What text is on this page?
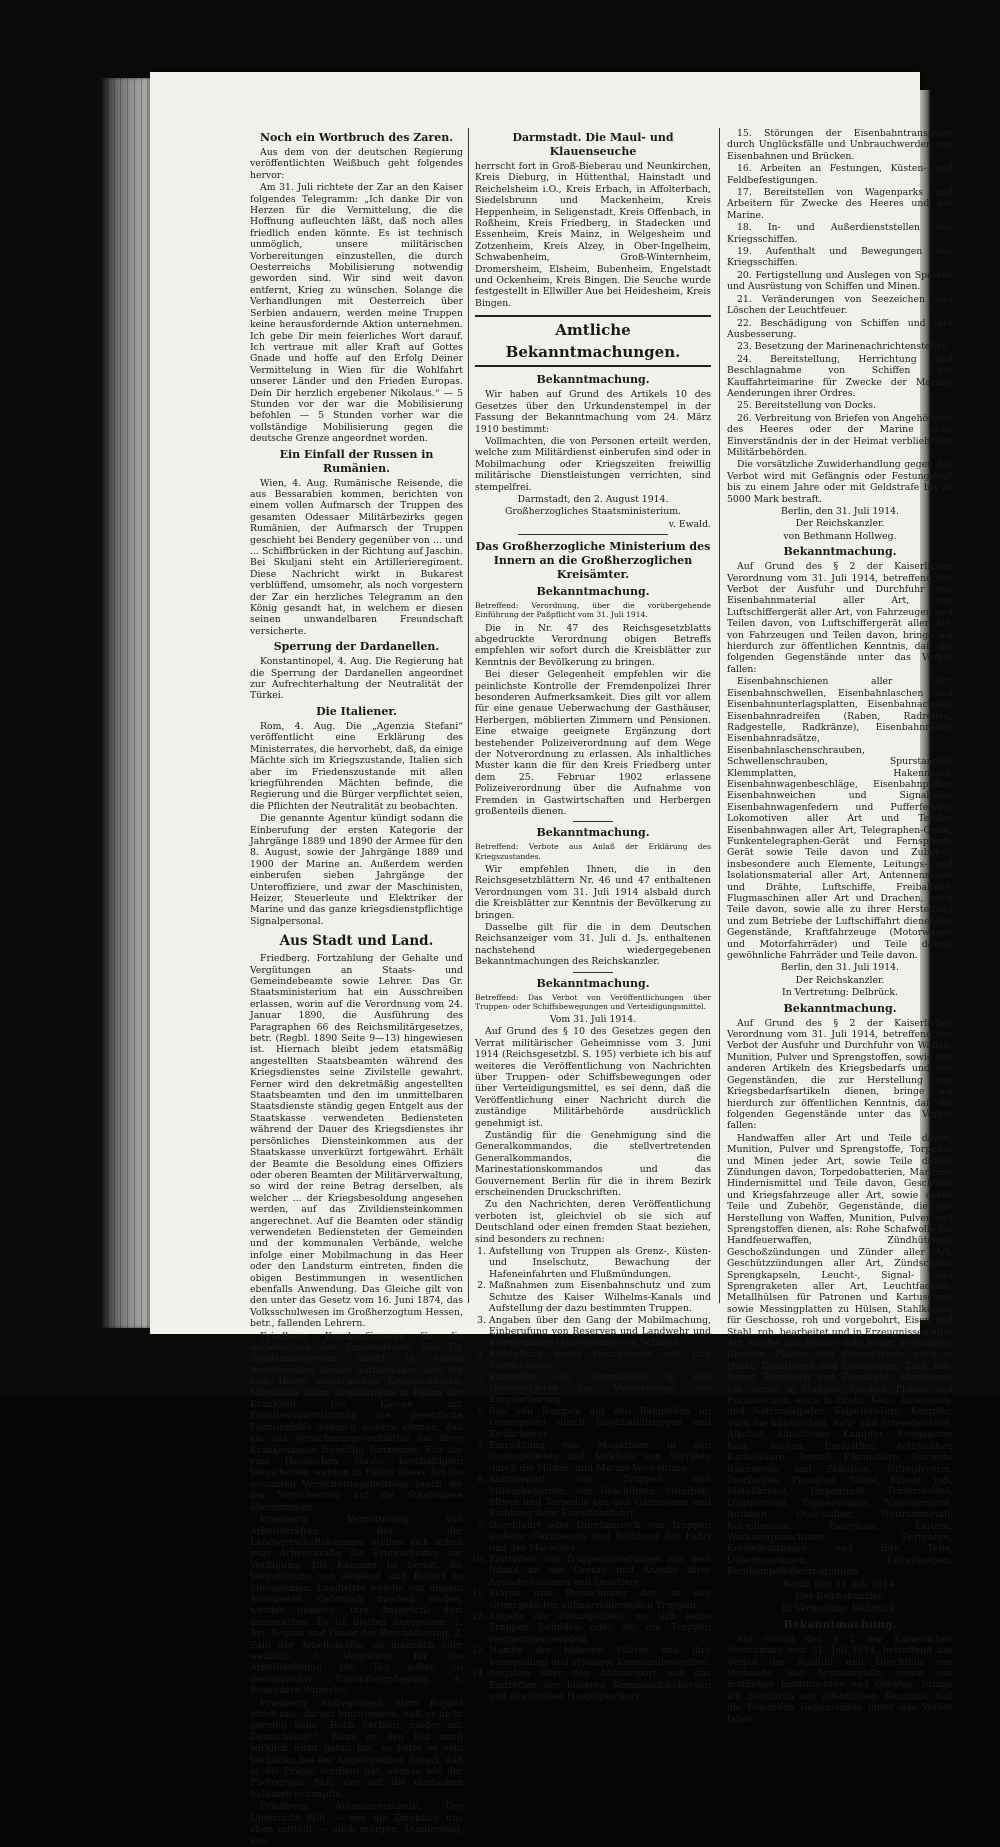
Noch ein Wortbruch des Zaren.

Aus dem von der deutschen Regierung veröffentlichten Weißbuch geht folgendes hervor:

Am 31. Juli richtete der Zar an den Kaiser folgendes Telegramm: „Ich danke Dir von Herzen für die Vermittelung, die die Hoffnung aufleuchten läßt, daß noch alles friedlich enden könnte. Es ist technisch unmöglich, unsere militärischen Vorbereitungen einzustellen, die durch Oesterreichs Mobilisierung notwendig geworden sind. Wir sind weit davon entfernt, Krieg zu wünschen. Solange die Verhandlungen mit Oesterreich über Serbien andauern, werden meine Truppen keine herausfordernde Aktion unternehmen. Ich gebe Dir mein feierliches Wort darauf. Ich vertraue mit aller Kraft auf Gottes Gnade und hoffe auf den Erfolg Deiner Vermittelung in Wien für die Wohlfahrt unserer Länder und den Frieden Europas. Dein Dir herzlich ergebener Nikolaus.“ — 5 Stunden vor der war die Mobilisierung befohlen — 5 Stunden vorher war die vollständige Mobilisierung gegen die deutsche Grenze angeordnet worden.

Ein Einfall der Russen in Rumänien.

Wien, 4. Aug. Rumänische Reisende, die aus Bessarabien kommen, berichten von einem vollen Aufmarsch der Truppen des gesamten Odessaer Militärbezirks gegen Rumänien, der Aufmarsch der Truppen geschieht bei Bendery gegenüber von ... und ... Schiffbrücken in der Richtung auf Jaschin. Bei Skuljani steht ein Artillerieregiment. Diese Nachricht wirkt in Bukarest verblüffend, umsomehr, als noch vorgestern der Zar ein herzliches Telegramm an den König gesandt hat, in welchem er diesen seinen unwandelbaren Freundschaft versicherte.

Sperrung der Dardanellen.

Konstantinopel, 4. Aug. Die Regierung hat die Sperrung der Dardanellen angeordnet zur Aufrechterhaltung der Neutralität der Türkei.

Die Italiener.

Rom, 4. Aug. Die „Agenzia Stefani“ veröffentlicht eine Erklärung des Ministerrates, die hervorhebt, daß, da einige Mächte sich im Kriegszustande, Italien sich aber im Friedenszustande mit allen kriegführenden Mächten befinde, die Regierung und die Bürger verpflichtet seien, die Pflichten der Neutralität zu beobachten.

Die genannte Agentur kündigt sodann die Einberufung der ersten Kategorie der Jahrgänge 1889 und 1890 der Armee für den 8. August, sowie der Jahrgänge 1889 und 1900 der Marine an. Außerdem werden einberufen sieben Jahrgänge der Unteroffiziere, und zwar der Maschinisten, Heizer, Steuerleute und Elektriker der Marine und das ganze kriegsdienstpflichtige Signalpersonal.

Aus Stadt und Land.

Friedberg. Fortzahlung der Gehalte und Vergütungen an Staats- und Gemeindebeamte sowie Lehrer. Das Gr. Staatsministerium hat ein Ausschreiben erlassen, worin auf die Verordnung vom 24. Januar 1890, die Ausführung des Paragraphen 66 des Reichsmilitärgesetzes, betr. (Regbl. 1890 Seite 9—13) hingewiesen ist. Hiernach bleibt jedem etatsmäßig angestellten Staatsbeamten während des Kriegsdienstes seine Zivilstelle gewahrt. Ferner wird den dekretmäßig angestellten Staatsbeamten und den im unmittelbaren Staatsdienste ständig gegen Entgelt aus der Staatskasse verwendeten Bediensteten während der Dauer des Kriegsdienstes ihr persönliches Diensteinkommen aus der Staatskasse unverkürzt fortgewährt. Erhält der Beamte die Besoldung eines Offiziers oder oberen Beamten der Militärverwaltung, so wird der reine Betrag derselben, als welcher ... der Kriegsbesoldung angesehen werden, auf das Zivildiensteinkommen angerechnet. Auf die Beamten oder ständig verwendeten Bediensteten der Gemeinden und der kommunalen Verbände, welche infolge einer Mobilmachung in das Heer oder den Landsturm eintreten, finden die obigen Bestimmungen in wesentlichen ebenfalls Anwendung. Das Gleiche gilt von den unter das Gesetz vom 16. Juni 1874, das Volksschulwesen im Großherzogtum Hessen, betr., fallenden Lehrern.

Friedberg. Krankenfürsorge für die Angehörigen der Einberufenen. Das Gr. Staatsministerium macht in einem Ausschreiben darauf aufmerksam, daß die zum Heere einberufenen Krankenkassen-Mitglieder ihren Angehörigen in Fällen der Krankheit bei Kassen mit Familienunterstützung die gesetzliche Familienhilfe dadurch sichern können, daß sie das Versicherungsverhältnis bei ihrer Krankenkasse freiwillig fortsetzen. Für die vom Hessischen Staate beschäftigten Versicherten werden in Fällen dieser Art die gesamten Versicherungsbeiträge (auch die der Versicherten) auf die Staatskasse übernommen.

Friedberg. Vermittelung von Arbeitskräften. Bei der Landwirtschaftskammer stellen sich schon jetzt Arbeitskräfte für Erntearbeiten zur Verfügung. Die Kammer ist bereit, die Vermittelung von Angebot und Bedarf zu übernehmen. Landwirte welche von diesem Anerbieten Gebrauch machen wollen, werden gebeten, ihre Ansprüche dort anzumelden. Es ist hierbei anzugeben: 1. Art, Beginn und Dauer der Beschäftigung, 2. Zahl der Arbeitskräfte, ob männlich oder weiblich, 3. Vergütung für die Arbeitsleistung pro Tag außer zu gewährender Naturalverpflegung, 4. Besondere Wünsche.

Friedberg. Aufregungen. Herr Ruppel bittet uns, darauf hinzuweisen, daß er nicht gerufen habe „Hoch Serbien, nieder mit Deutschland!“. Wenn er den Ruf auch wirklich nicht getan hat, so hätte er sein Verhalten bei der Angelegenheit derart, daß er die Prügel verdient hat, ebenso wie der Photograph Süß, der auf die deutschen Soldaten schimpfte.

Friedberg. Augustinerschule. Der Unterricht fällt — wie die Direktion uns eben mitteilt — auch morgen, Donnerstag, aus.

Darmstadt. Die Maul- und Klauenseuche

herrscht fort in Groß-Bieberau und Neunkirchen, Kreis Dieburg, in Hüttenthal, Hainstadt und Reichelsheim i.O., Kreis Erbach, in Affolterbach, Siedelsbrunn und Mackenheim, Kreis Heppenheim, in Seligenstadt, Kreis Offenbach, in Roßheim, Kreis Friedberg, in Stadecken und Essenheim, Kreis Mainz, in Welgesheim und Zotzenheim, Kreis Alzey, in Ober-Ingelheim, Schwabenheim, Groß-Winternheim, Dromersheim, Elsheim, Bubenheim, Engelstadt und Ockenheim, Kreis Bingen. Die Seuche wurde festgestellt in Ellwiller Aue bei Heidesheim, Kreis Bingen.

Amtliche Bekanntmachungen.
Bekanntmachung.

Wir haben auf Grund des Artikels 10 des Gesetzes über den Urkundenstempel in der Fassung der Bekanntmachung vom 24. März 1910 bestimmt:

Vollmachten, die von Personen erteilt werden, welche zum Militärdienst einberufen sind oder in Mobilmachung oder Kriegszeiten freiwillig militärische Dienstleistungen verrichten, sind stempelfrei.

Darmstadt, den 2. August 1914.

Großherzogliches Staatsministerium.

v. Ewald.

Das Großherzogliche Ministerium des Innern an die Großherzoglichen Kreisämter.
Bekanntmachung.

Betreffend: Verordnung, über die vorübergehende Einführung der Paßpflicht vom 31. Juli 1914.

Die in Nr. 47 des Reichsgesetzblatts abgedruckte Verordnung obigen Betreffs empfehlen wir sofort durch die Kreisblätter zur Kenntnis der Bevölkerung zu bringen.

Bei dieser Gelegenheit empfehlen wir die peinlichste Kontrolle der Fremdenpolizei Ihrer besonderen Aufmerksamkeit. Dies gilt vor allem für eine genaue Ueberwachung der Gasthäuser, Herbergen, möblierten Zimmern und Pensionen. Eine etwaige geeignete Ergänzung dort bestehender Polizeiverordnung auf dem Wege der Notverordnung zu erlassen. Als inhaltliches Muster kann die für den Kreis Friedberg unter dem 25. Februar 1902 erlassene Polizeiverordnung über die Aufnahme von Fremden in Gastwirtschaften und Herbergen großenteils dienen.

Bekanntmachung.

Betreffend: Verbote aus Anlaß der Erklärung des Kriegszustandes.

Wir empfehlen Ihnen, die in den Reichsgesetzblättern Nr. 46 und 47 enthaltenen Verordnungen vom 31. Juli 1914 alsbald durch die Kreisblätter zur Kenntnis der Bevölkerung zu bringen.

Dasselbe gilt für die in dem Deutschen Reichsanzeiger vom 31. Juli d. Js. enthaltenen nachstehend wiedergegebenen Bekanntmachungen des Reichskanzler.

Bekanntmachung.

Betreffend: Das Verbot von Veröffentlichungen über Truppen- oder Schiffsbewegungen und Verteidigungsmittel.

Vom 31. Juli 1914.

Auf Grund des § 10 des Gesetzes gegen den Verrat militärischer Geheimnisse vom 3. Juni 1914 (Reichsgesetzbl. S. 195) verbiete ich bis auf weiteres die Veröffentlichung von Nachrichten über Truppen- oder Schiffsbewegungen oder über Verteidigungsmittel, es sei denn, daß die Veröffentlichung einer Nachricht durch die zuständige Militärbehörde ausdrücklich genehmigt ist.

Zuständig für die Genehmigung sind die Generalkommandos, die stellvertretenden Generalkommandos, die Marinestationskommandos und das Gouvernement Berlin für die in ihrem Bezirk erscheinenden Druckschriften.

Zu den Nachrichten, deren Veröffentlichung verboten ist, gleichviel ob sie sich auf Deutschland oder einen fremden Staat beziehen, sind besonders zu rechnen:

1. Aufstellung von Truppen als Grenz-, Küsten- und Inselschutz, Bewachung der Hafeneinfahrten und Flußmündungen.
2. Maßnahmen zum Eisenbahnschutz und zum Schutze des Kaiser Wilhelms-Kanals und Aufstellung der dazu bestimmten Truppen.
3. Angaben über den Gang der Mobilmachung, Einberufung von Reserven und Landwehr und Kriegsmarine (Ausrüstung) von Schiffen.
4. Aufstellung neuer Formationen und ihre Bezeichnung.
5. Eintreffen von Kommandos in den Grenzgebieten zur Vorbereitung der Einquartierung.
6. Bau von Rampen auf den Bahnhöfen im Grenzgebiet durch Eisenbahntruppen und Zivilarbeiter.
7. Einrichtung von Magazinen in den Grenzgebieten und Aufkäufe von Vorräten durch die Militär- und Marine-Verwaltung.
8. Abtransport von Truppen und Militärbehörden, von Geschützen, Munition, Minen und Torpedos aus den Garnisonen und Richtung ihrer Eisenbahnfahrt.
9. Durchfahrt oder Durchmarsch von Truppen anderer Garnisonen und Richtung der Fahrt und des Marsches.
10. Eintreffen von Truppenabteilungen aus dem Inland an der Grenze und Angabe ihrer Ausladestationen und Quartiere.
11. Stärke und Bezeichnung der in den Grenzgebieten aufmarschierenden Truppen.
12. Angabe der Grenzgebiete, wo sich keine Truppen befinden oder wo die Truppen weggezogen werden.
13. Namen der höheren Führer und ihre Verwendung und etwaiger Kommandowechsel.
14. Angaben über den Abtransport und das Eintreffen der höheren Kommandobehörden und des Großen Hauptquartiers.

15. Störungen der Eisenbahntransporte durch Unglücksfälle und Unbrauchwerden von Eisenbahnen und Brücken.

16. Arbeiten an Festungen, Küsten- und Feldbefestigungen.

17. Bereitstellen von Wagenparks und Arbeitern für Zwecke des Heeres und der Marine.

18. In- und Außerdienststellen von Kriegsschiffen.

19. Aufenthalt und Bewegungen von Kriegsschiffen.

20. Fertigstellung und Auslegen von Sperren und Ausrüstung von Schiffen und Minen.

21. Veränderungen von Seezeichen und Löschen der Leuchtfeuer.

22. Beschädigung von Schiffen und ihre Ausbesserung.

23. Besetzung der Marinenachrichtenstellen.

24. Bereitstellung, Herrichtung und Beschlagnahme von Schiffen der Kauffahrteimarine für Zwecke der Marine; Aenderungen ihrer Ordres.

25. Bereitstellung von Docks.

26. Verbreitung von Briefen von Angehörigen des Heeres oder der Marine ohne Einverständnis der in der Heimat verbliebenen Militärbehörden.

Die vorsätzliche Zuwiderhandlung gegen das Verbot wird mit Gefängnis oder Festungshaft bis zu einem Jahre oder mit Geldstrafe bis zu 5000 Mark bestraft.

Berlin, den 31. Juli 1914.

Der Reichskanzler.

von Bethmann Hollweg.

Bekanntmachung.

Auf Grund des § 2 der Kaiserlichen Verordnung vom 31. Juli 1914, betreffend das Verbot der Ausfuhr und Durchfuhr von Eisenbahnmaterial aller Art, von Luftschiffergerät aller Art, von Fahrzeugen und Teilen davon, von Luftschiffergerät aller Art, von Fahrzeugen und Teilen davon, bringe ich hierdurch zur öffentlichen Kenntnis, daß die folgenden Gegenstände unter das Verbot fallen:

Eisenbahnschienen aller Art, Eisenbahnschwellen, Eisenbahnlaschen und Eisenbahnunterlagsplatten, Eisenbahnachsen, Eisenbahnradreifen (Raben, Radreifen, Radgestelle, Radkränze), Eisenbahnräder, Eisenbahnradsätze, Eisenbahnlaschenschrauben, Schwellenschrauben, Spurstangen, Klemmplatten, Hakennägel, Eisenbahnwagenbeschläge, Eisenbahnpuffer, Eisenbahnweichen und Signalteile, Eisenbahnwagenfedern und Pufferfedern, Lokomotiven aller Art und Tender, Eisenbahnwagen aller Art, Telegraphen-Gerät, Funkentelegraphen-Gerät und Fernsprech-Gerät sowie Teile davon und Zubehör, insbesondere auch Elemente, Leitungs- und Isolationsmaterial aller Art, Antennenmaste und Drähte, Luftschiffe, Freiballone, Flugmaschinen aller Art und Drachen, auch Teile davon, sowie alle zu ihrer Herstellung und zum Betriebe der Luftschiffahrt dienenden Gegenstände, Kraftfahrzeuge (Motorwagen und Motorfahrräder) und Teile davon, gewöhnliche Fahrräder und Teile davon.

Berlin, den 31. Juli 1914.

Der Reichskanzler.

In Vertretung: Delbrück.

Bekanntmachung.

Auf Grund des § 2 der Kaiserlichen Verordnung vom 31. Juli 1914, betreffend das Verbot der Ausfuhr und Durchfuhr von Waffen, Munition, Pulver und Sprengstoffen, sowie von anderen Artikeln des Kriegsbedarfs und von Gegenständen, die zur Herstellung von Kriegsbedarfsartikeln dienen, bringe ich hierdurch zur öffentlichen Kenntnis, daß die folgenden Gegenstände unter das Verbot fallen:

Handwaffen aller Art und Teile davon, Munition, Pulver und Sprengstoffe, Torpedos und Minen jeder Art, sowie Teile davon, Zündungen davon, Torpedobatterien, Maritime Hindernismittel und Teile davon, Geschütze und Kriegsfahrzeuge aller Art, sowie deren Teile und Zubehör, Gegenstände, die zur Herstellung von Waffen, Munition, Pulver und Sprengstoffen dienen, als: Rohe Schafwolle für Handfeuerwaffen, Zündhütchen, Geschoßzündungen und Zünder aller Art, Geschützzündungen aller Art, Zündschnur, Sprengkapseln, Leucht-, Signal- und Sprengraketen aller Art, Leuchtfackeln, Metallhülsen für Patronen und Kartuschen, sowie Messingplatten zu Hülsen, Stahlkörper für Geschosse, roh und vorgebohrt, Eisen und Stahl, roh, bearbeitet und in Erzeugnissen aller Art, Kupfer und Bronze, roh, ferner in Stangen, Blechen, Platten und Formstücken, auch in Draht, Drahtlitzen und Drahtseilen, Zinn, roh, ferner Zinnblech und Zinndraht, Aluminium, roh, ferner in Stangen, Blechen, Platten und Formstücken, auch in Draht, Kali-, Ammoniak- und Natronsalpeter, Salpetersäure, Kampfer, auch die künstlichen, Salz- und Schwefelsäure, Alkohol, künstlicher Kampfer, Essigsaurer Kalk, Aceton, Essigäther, Aethyläther, Karbolsäure, Benzol, Pikrinsäure, Nitrierte Baumwolle und Zellulose, Nitroglycerin, Teerfarben, Phosphor, Toluol, Kresol, roh, Metallkresol, Terpentinöl, Trinitrotoluol, Dinitrotoluol, Diphenylamin, Natriumnitrat, Antimon, Quecksilber, Wolframmetall, Kolophonium, Fahrräder, Leitern, Werkzeugmaschinen, Fernrohre, Kreiselkompasse und ihre Teile, Uebertragungen, Leiterlampen, Fernkompaßübertragungen.

Berlin den 31. Juli 1914.

Der Reichskanzler.

In Vertretung: Delbrück.

Bekanntmachung.

Auf Grund des § 2 der Kaiserlichen Verordnung vom 31. Juli 1914, betreffend das Verbot der Ausfuhr und Durchfuhr von Verbands- und Arzneimitteln, sowie von ärztlichen Instrumenten und Geräten, bringe ich hierdurch zur öffentlichen Kenntnis, daß die folgenden Gegenstände unter das Verbot fallen:
